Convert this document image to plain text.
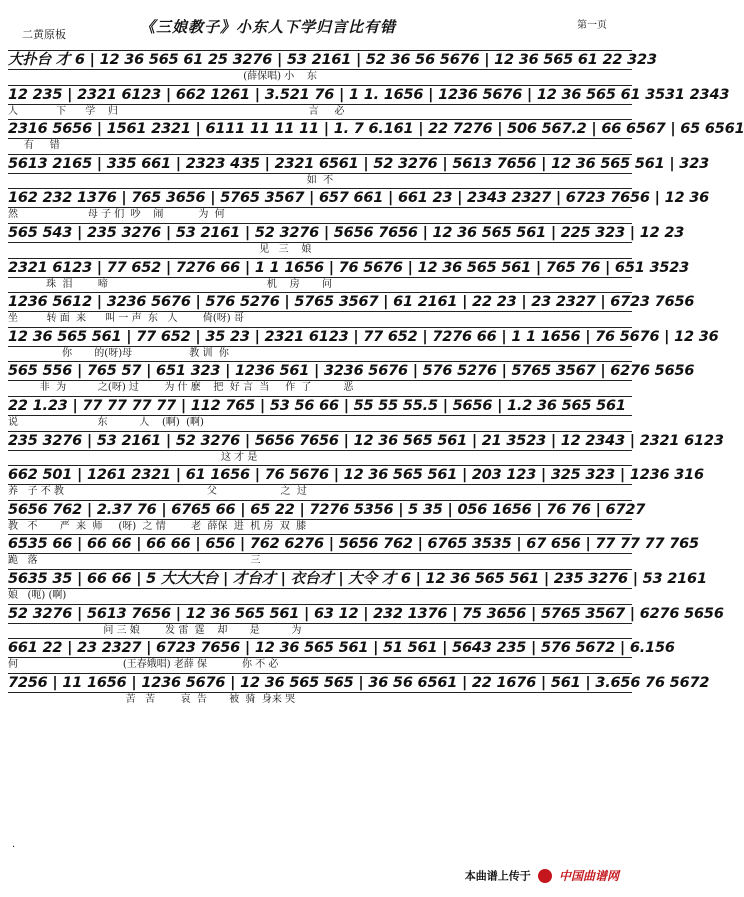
二黄原板	《三娘教子》小东人下学归言比有错	第一页
大扑台 才 6 | 12 36 565 61 25 3276 | 53 2161 | 52 36 56 5676 | 12 36 565 61 22 323
(薛保唱) 小    东
12 235 | 2321 6123 | 662 1261 | 3.521 76 | 1 1. 1656 | 1236 5676 | 12 36 565 61 3531 2343
人            下      学    归                                                            言     必
2316 5656 | 1561 2321 | 6111 11 11 11 | 1. 7 6.161 | 22 7276 | 506 567.2 | 66 6567 | 65 6561
有     错
5613 2165 | 335 661 | 2323 435 | 2321 6561 | 52 3276 | 5613 7656 | 12 36 565 561 | 323
如  不
162 232 1376 | 765 3656 | 5765 3567 | 657 661 | 661 23 | 2343 2327 | 6723 7656 | 12 36
然                      母 子 们  吵    闹           为  何
565 543 | 235 3276 | 53 2161 | 52 3276 | 5656 7656 | 12 36 565 561 | 225 323 | 12 23
见   三    娘
2321 6123 | 77 652 | 7276 66 | 1 1 1656 | 76 5676 | 12 36 565 561 | 765 76 | 651 3523
珠  泪        啼                                                  机    房       问
1236 5612 | 3236 5676 | 576 5276 | 5765 3567 | 61 2161 | 22 23 | 23 2327 | 6723 7656
坐         转 面  来      叫 一 声  东   人        倚(呀) 哥
12 36 565 561 | 77 652 | 35 23 | 2321 6123 | 77 652 | 7276 66 | 1 1 1656 | 76 5676 | 12 36
你       的(呀)母                  教 训  你
565 556 | 765 57 | 651 323 | 1236 561 | 3236 5676 | 576 5276 | 5765 3567 | 6276 5656
非  为          之(呀) 过        为 什 麽    把  好 言  当     作  了          恶
22 1.23 | 77 77 77 77 | 112 765 | 53 56 66 | 55 55 55.5 | 5656 | 1.2 36 565 561
说                         东          人    (啊)  (啊)
235 3276 | 53 2161 | 52 3276 | 5656 7656 | 12 36 565 561 | 21 3523 | 12 2343 | 2321 6123
这 才 是
662 501 | 1261 2321 | 61 1656 | 76 5676 | 12 36 565 561 | 203 123 | 325 323 | 1236 316
养   子 不 教                                             父                    之  过
5656 762 | 2.37 76 | 6765 66 | 65 22 | 7276 5356 | 5 35 | 056 1656 | 76 76 | 6727
教   不       严  来  师     (呀)  之 情        老  薛保  进  机 房  双  膝
6535 66 | 66 66 | 66 66 | 656 | 762 6276 | 5656 762 | 6765 3535 | 67 656 | 77 77 77 765
跪   落                                                                   三
5635 35 | 66 66 | 5 大大大台 | 才台才 | 衣台才 | 大令 才 6 | 12 36 565 561 | 235 3276 | 53 2161
娘   (呃) (啊)
52 3276 | 5613 7656 | 12 36 565 561 | 63 12 | 232 1376 | 75 3656 | 5765 3567 | 6276 5656
问 三 娘        发 雷  霆    却       是          为
661 22 | 23 2327 | 6723 7656 | 12 36 565 561 | 51 561 | 5643 235 | 576 5672 | 6.156
何                                 (王春娥唱) 老薛 保           你 不 必
7256 | 11 1656 | 1236 5676 | 12 36 565 565 | 36 56 6561 | 22 1676 | 561 | 3.656 76 5672
苦   苦        哀  告       被  骑  身来 哭
·
本曲谱上传于 中国曲谱网
